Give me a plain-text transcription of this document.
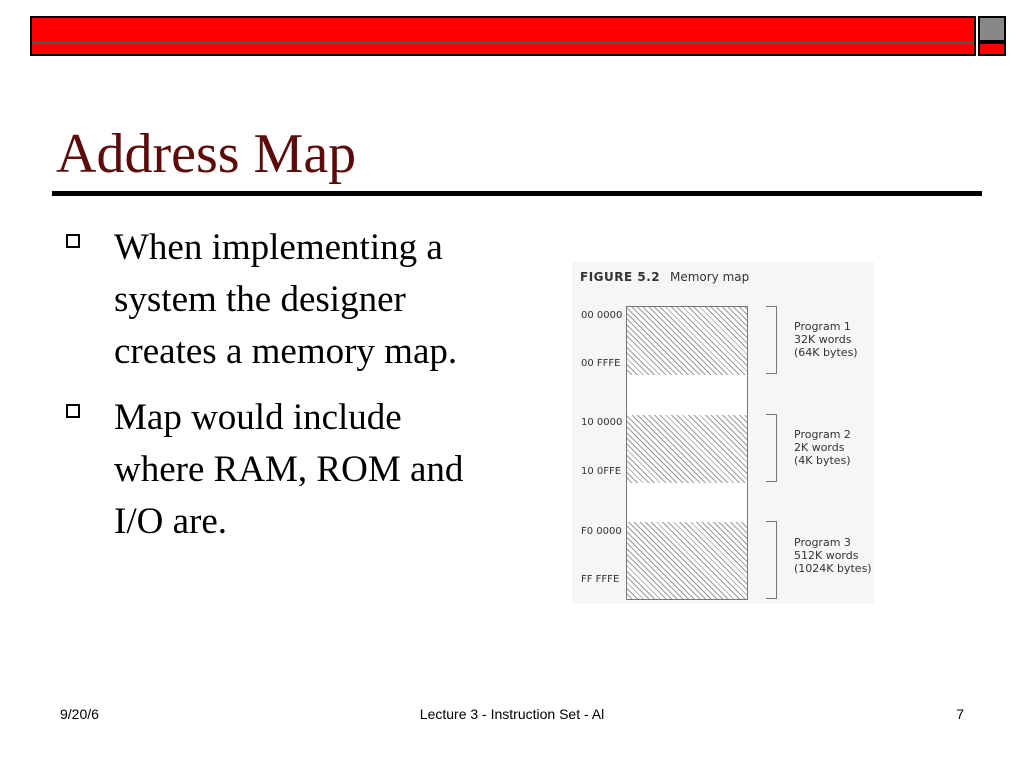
Address Map
When implementing a system the designer creates a memory map.
Map would include where RAM, ROM and I/O are.
FIGURE 5.2 Memory map
00 0000
00 FFFE
10 0000
10 0FFE
F0 0000
FF FFFE
Program 1
32K words
(64K bytes)
Program 2
2K words
(4K bytes)
Program 3
512K words
(1024K bytes)
9/20/6	Lecture 3 - Instruction Set - Al	7
